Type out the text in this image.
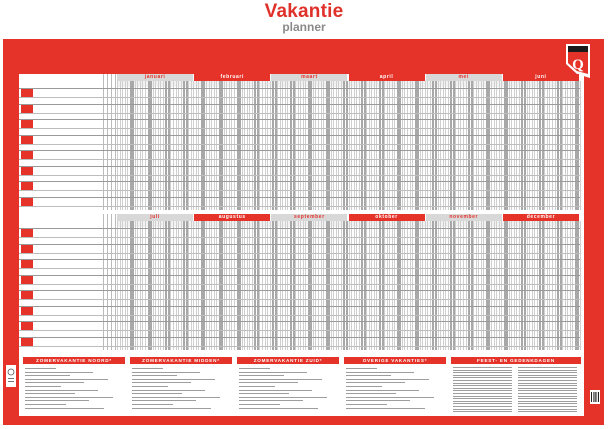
Vakantie
planner
Q
januari	februari	maart	april	mei	juni
juli	augustus	september	oktober	november	december
ZOMERVAKANTIE NOORD*	ZOMERVAKANTIE MIDDEN*	ZOMERVAKANTIE ZUID*	OVERIGE VAKANTIES*	FEEST- EN GEDENKDAGEN
